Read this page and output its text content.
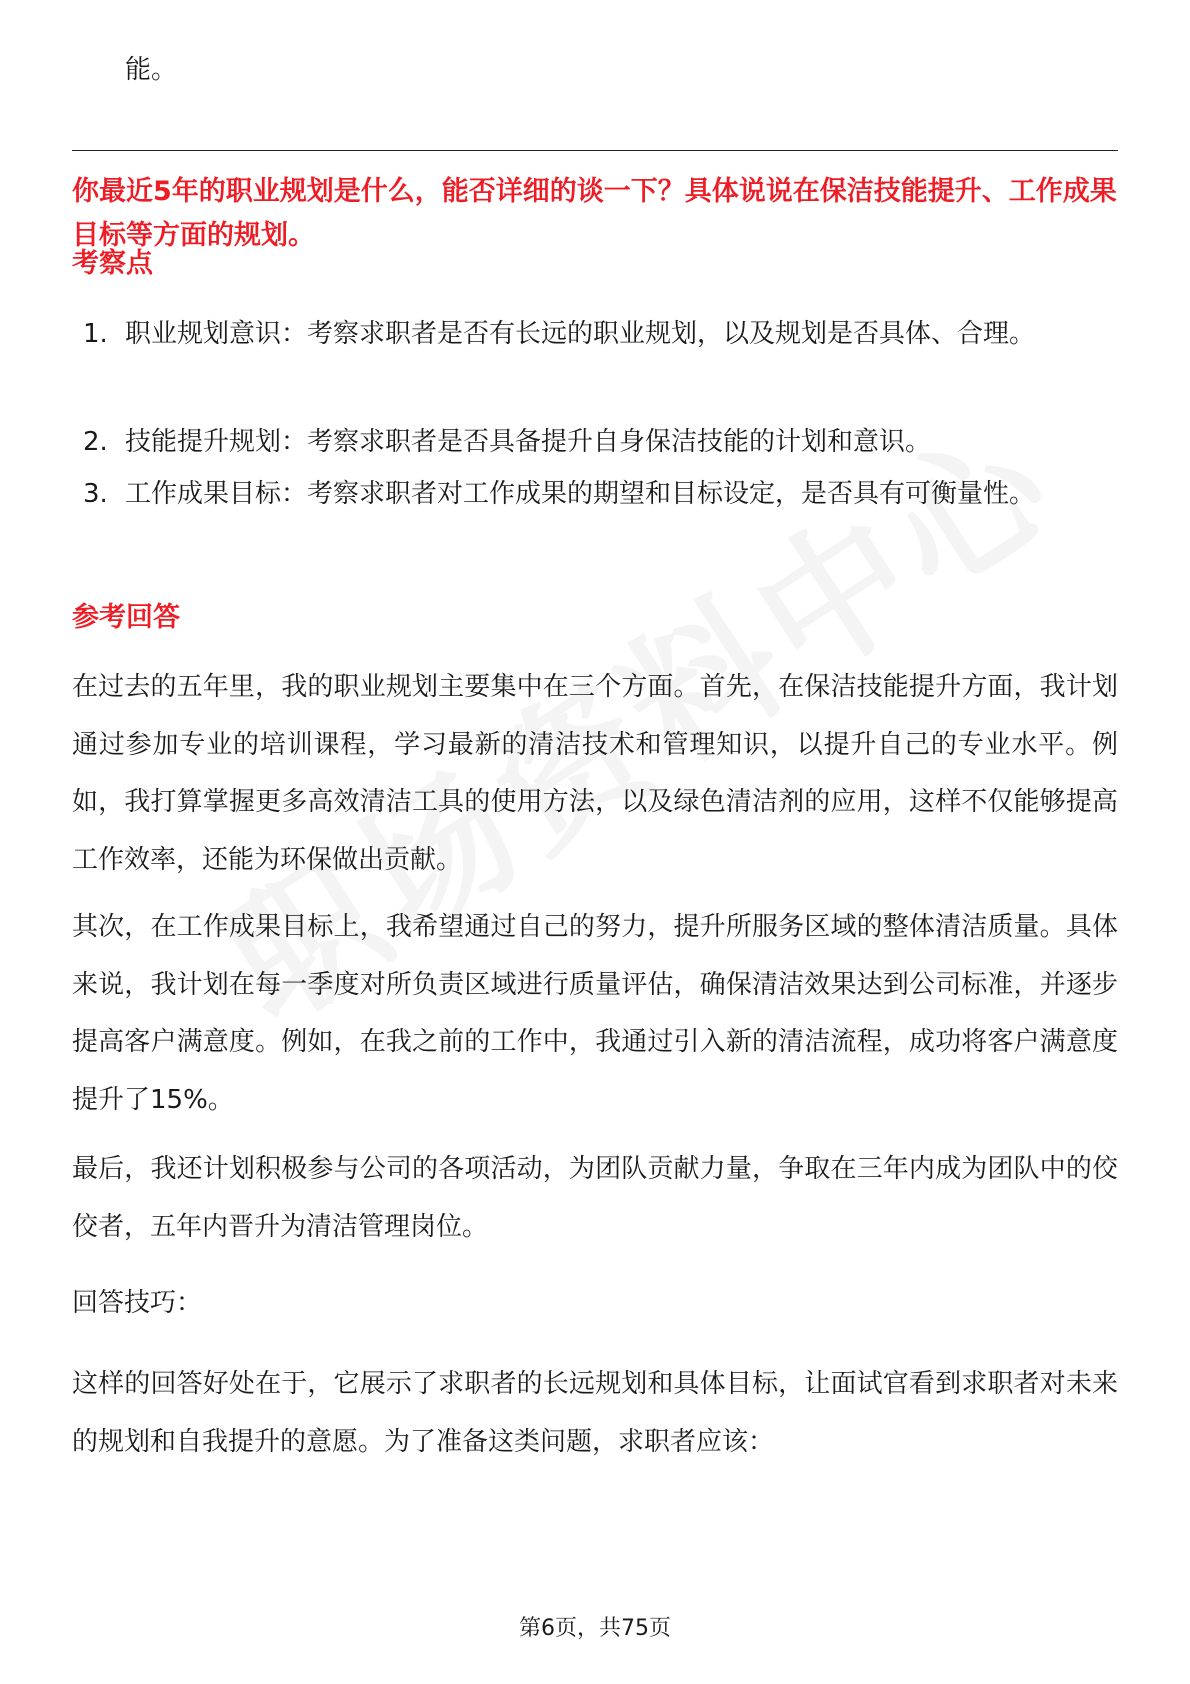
能。
你最近5年的职业规划是什么，能否详细的谈一下？具体说说在保洁技能提升、工作成果目标等方面的规划。
考察点
1. 职业规划意识：考察求职者是否有长远的职业规划，以及规划是否具体、合理。
2. 技能提升规划：考察求职者是否具备提升自身保洁技能的计划和意识。
3. 工作成果目标：考察求职者对工作成果的期望和目标设定，是否具有可衡量性。
参考回答
在过去的五年里，我的职业规划主要集中在三个方面。首先，在保洁技能提升方面，我计划通过参加专业的培训课程，学习最新的清洁技术和管理知识，以提升自己的专业水平。例如，我打算掌握更多高效清洁工具的使用方法，以及绿色清洁剂的应用，这样不仅能够提高工作效率，还能为环保做出贡献。
其次，在工作成果目标上，我希望通过自己的努力，提升所服务区域的整体清洁质量。具体来说，我计划在每一季度对所负责区域进行质量评估，确保清洁效果达到公司标准，并逐步提高客户满意度。例如，在我之前的工作中，我通过引入新的清洁流程，成功将客户满意度提升了15%。
最后，我还计划积极参与公司的各项活动，为团队贡献力量，争取在三年内成为团队中的佼佼者，五年内晋升为清洁管理岗位。
回答技巧：
这样的回答好处在于，它展示了求职者的长远规划和具体目标，让面试官看到求职者对未来的规划和自我提升的意愿。为了准备这类问题，求职者应该：
第6页，共75页
